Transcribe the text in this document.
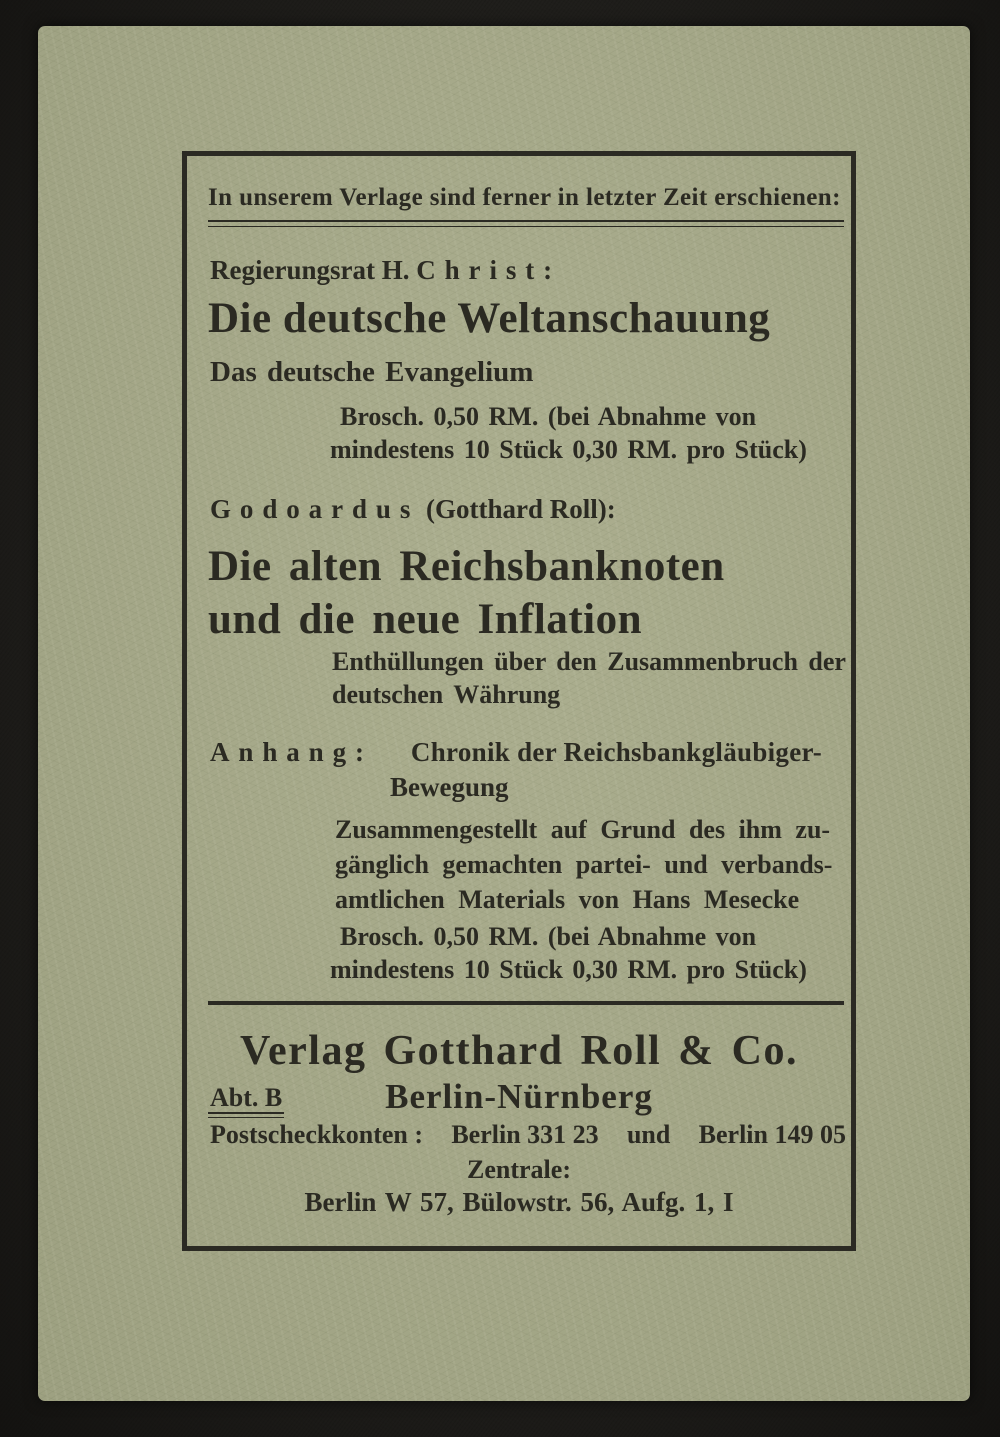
In unserem Verlage sind ferner in letzter Zeit erschienen:
Regierungsrat H. Christ:
Die deutsche Weltanschauung
Das deutsche Evangelium
Brosch. 0,50 RM. (bei Abnahme von
mindestens 10 Stück 0,30 RM. pro Stück)
Godoardus (Gotthard Roll):
Die alten Reichsbanknoten
und die neue Inflation
Enthüllungen über den Zusammenbruch der
deutschen Währung
Anhang: Chronik der Reichsbankgläubiger-
Bewegung
Zusammengestellt auf Grund des ihm zu-
gänglich gemachten partei- und verbands-
amtlichen Materials von Hans Mesecke
Brosch. 0,50 RM. (bei Abnahme von
mindestens 10 Stück 0,30 RM. pro Stück)
Verlag Gotthard Roll & Co.
Berlin-Nürnberg
Abt. B
Postscheckkonten : Berlin 331 23 und Berlin 149 05
Zentrale:
Berlin W 57, Bülowstr. 56, Aufg. 1, I
